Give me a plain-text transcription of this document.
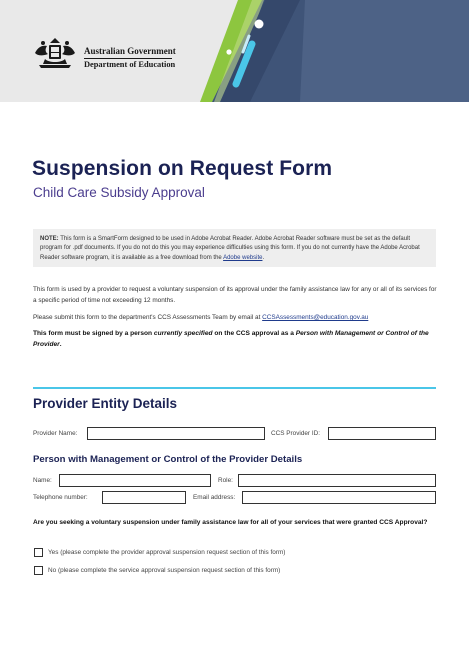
Australian Government
Department of Education
Suspension on Request Form
Child Care Subsidy Approval
NOTE: This form is a SmartForm designed to be used in Adobe Acrobat Reader. Adobe Acrobat Reader software must be set as the default program for .pdf documents. If you do not do this you may experience difficulties using this form. If you do not currently have the Adobe Acrobat Reader software program, it is available as a free download from the Adobe website.
This form is used by a provider to request a voluntary suspension of its approval under the family assistance law for any or all of its services for a specific period of time not exceeding 12 months.
Please submit this form to the department's CCS Assessments Team by email at CCSAssessments@education.gov.au
This form must be signed by a person currently specified on the CCS approval as a Person with Management or Control of the Provider.
Provider Entity Details
Provider Name:	CCS Provider ID:
Person with Management or Control of the Provider Details
Name:	Role:
Telephone number:	Email address:
Are you seeking a voluntary suspension under family assistance law for all of your services that were granted CCS Approval?
Yes (please complete the provider approval suspension request section of this form)
No (please complete the service approval suspension request section of this form)
